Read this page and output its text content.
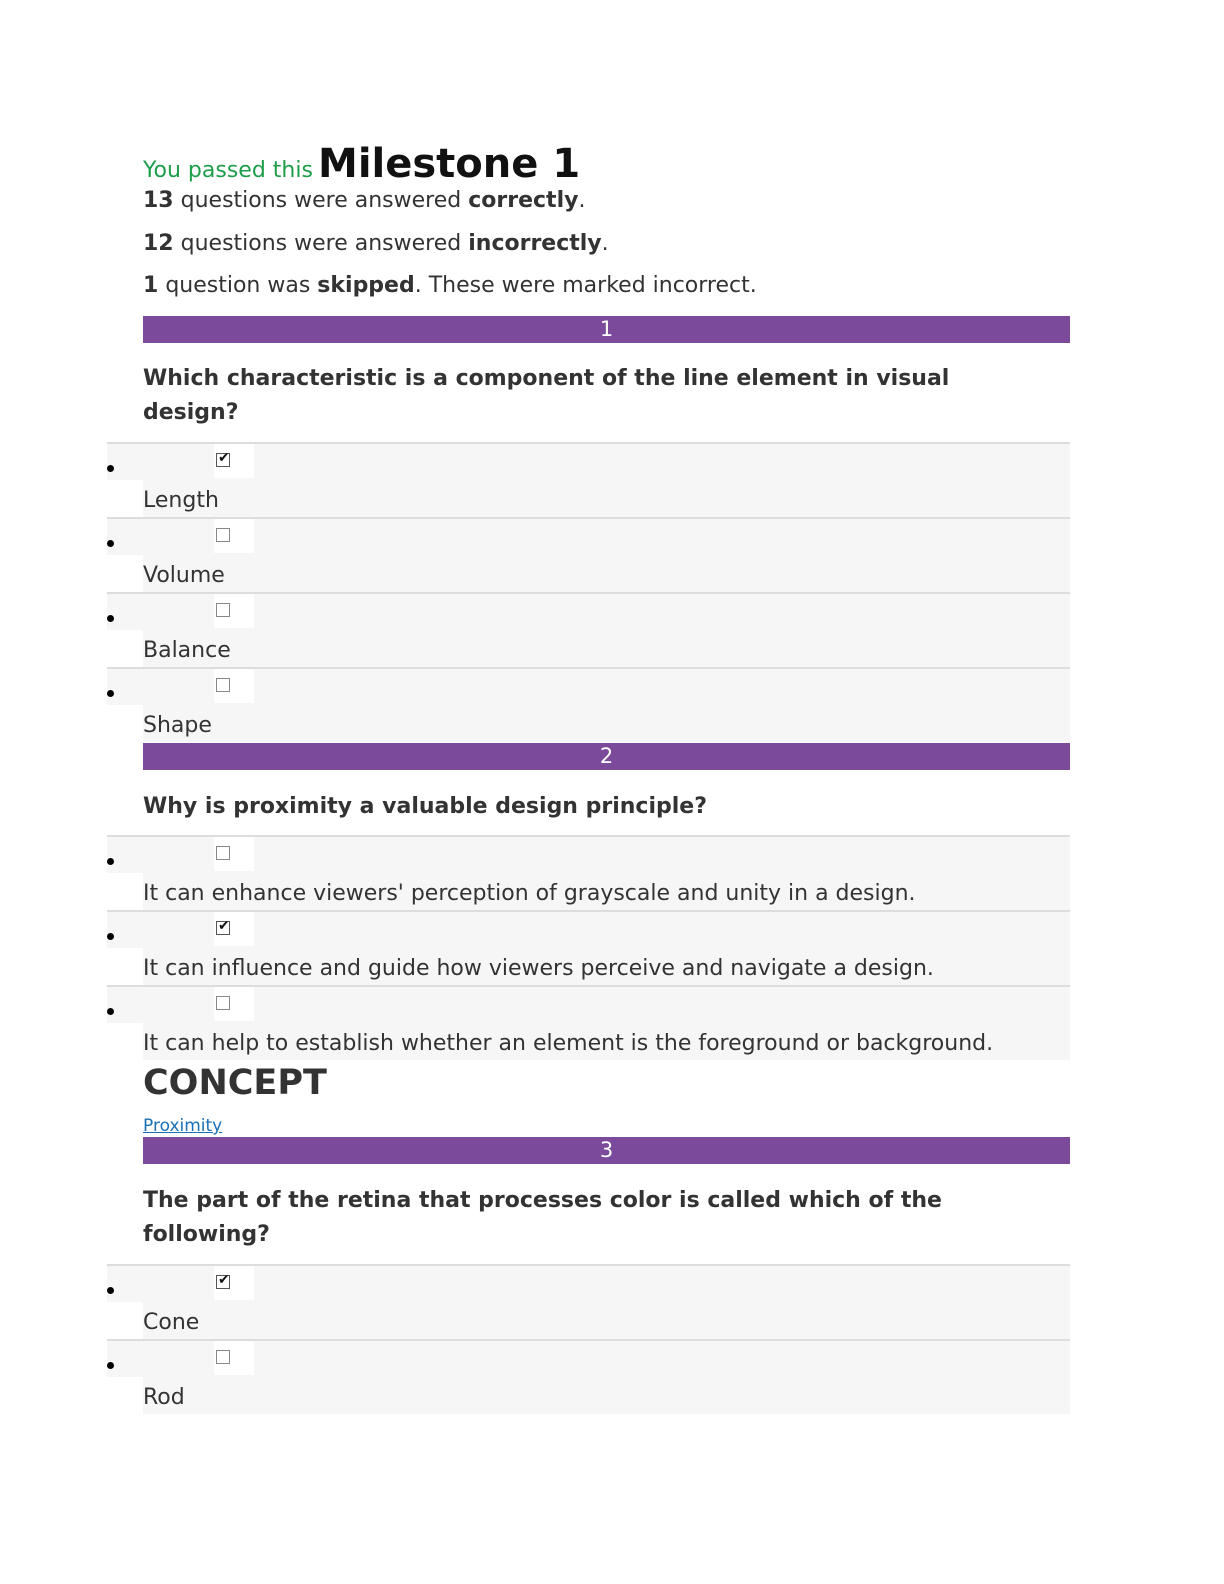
You passed this Milestone 1
13 questions were answered correctly.
12 questions were answered incorrectly.
1 question was skipped. These were marked incorrect.
1
Which characteristic is a component of the line element in visual design?
✔
Length
Volume
Balance
Shape
2
Why is proximity a valuable design principle?
It can enhance viewers' perception of grayscale and unity in a design.
✔
It can influence and guide how viewers perceive and navigate a design.
It can help to establish whether an element is the foreground or background.
CONCEPT
Proximity
3
The part of the retina that processes color is called which of the following?
✔
Cone
Rod
